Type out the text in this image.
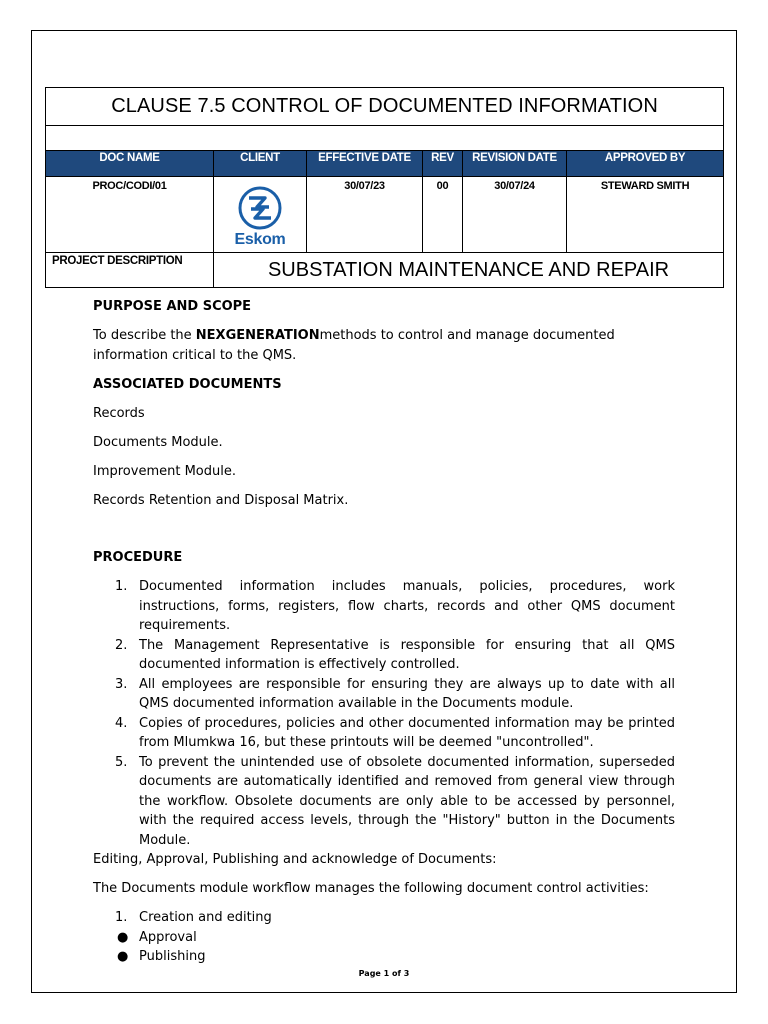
CLAUSE 7.5 CONTROL OF DOCUMENTED INFORMATION					

DOC NAME	CLIENT	EFFECTIVE DATE	REV	REVISION DATE	APPROVED BY
PROC/CODI/01	Eskom	30/07/23	00	30/07/24	STEWARD SMITH
PROJECT DESCRIPTION	SUBSTATION MAINTENANCE AND REPAIR				

PURPOSE AND SCOPE

To describe the NEXGENERATIONmethods to control and manage documented information critical to the QMS.

ASSOCIATED DOCUMENTS

Records

Documents Module.

Improvement Module.

Records Retention and Disposal Matrix.

PROCEDURE

1. Documented information includes manuals, policies, procedures, work instructions, forms, registers, flow charts, records and other QMS document requirements.
2. The Management Representative is responsible for ensuring that all QMS documented information is effectively controlled.
3. All employees are responsible for ensuring they are always up to date with all QMS documented information available in the Documents module.
4. Copies of procedures, policies and other documented information may be printed from Mlumkwa 16, but these printouts will be deemed "uncontrolled".
5. To prevent the unintended use of obsolete documented information, superseded documents are automatically identified and removed from general view through the workflow. Obsolete documents are only able to be accessed by personnel, with the required access levels, through the "History" button in the Documents Module.

Editing, Approval, Publishing and acknowledge of Documents:

The Documents module workflow manages the following document control activities:

1. Creation and editing
● Approval
● Publishing
Page 1 of 3
